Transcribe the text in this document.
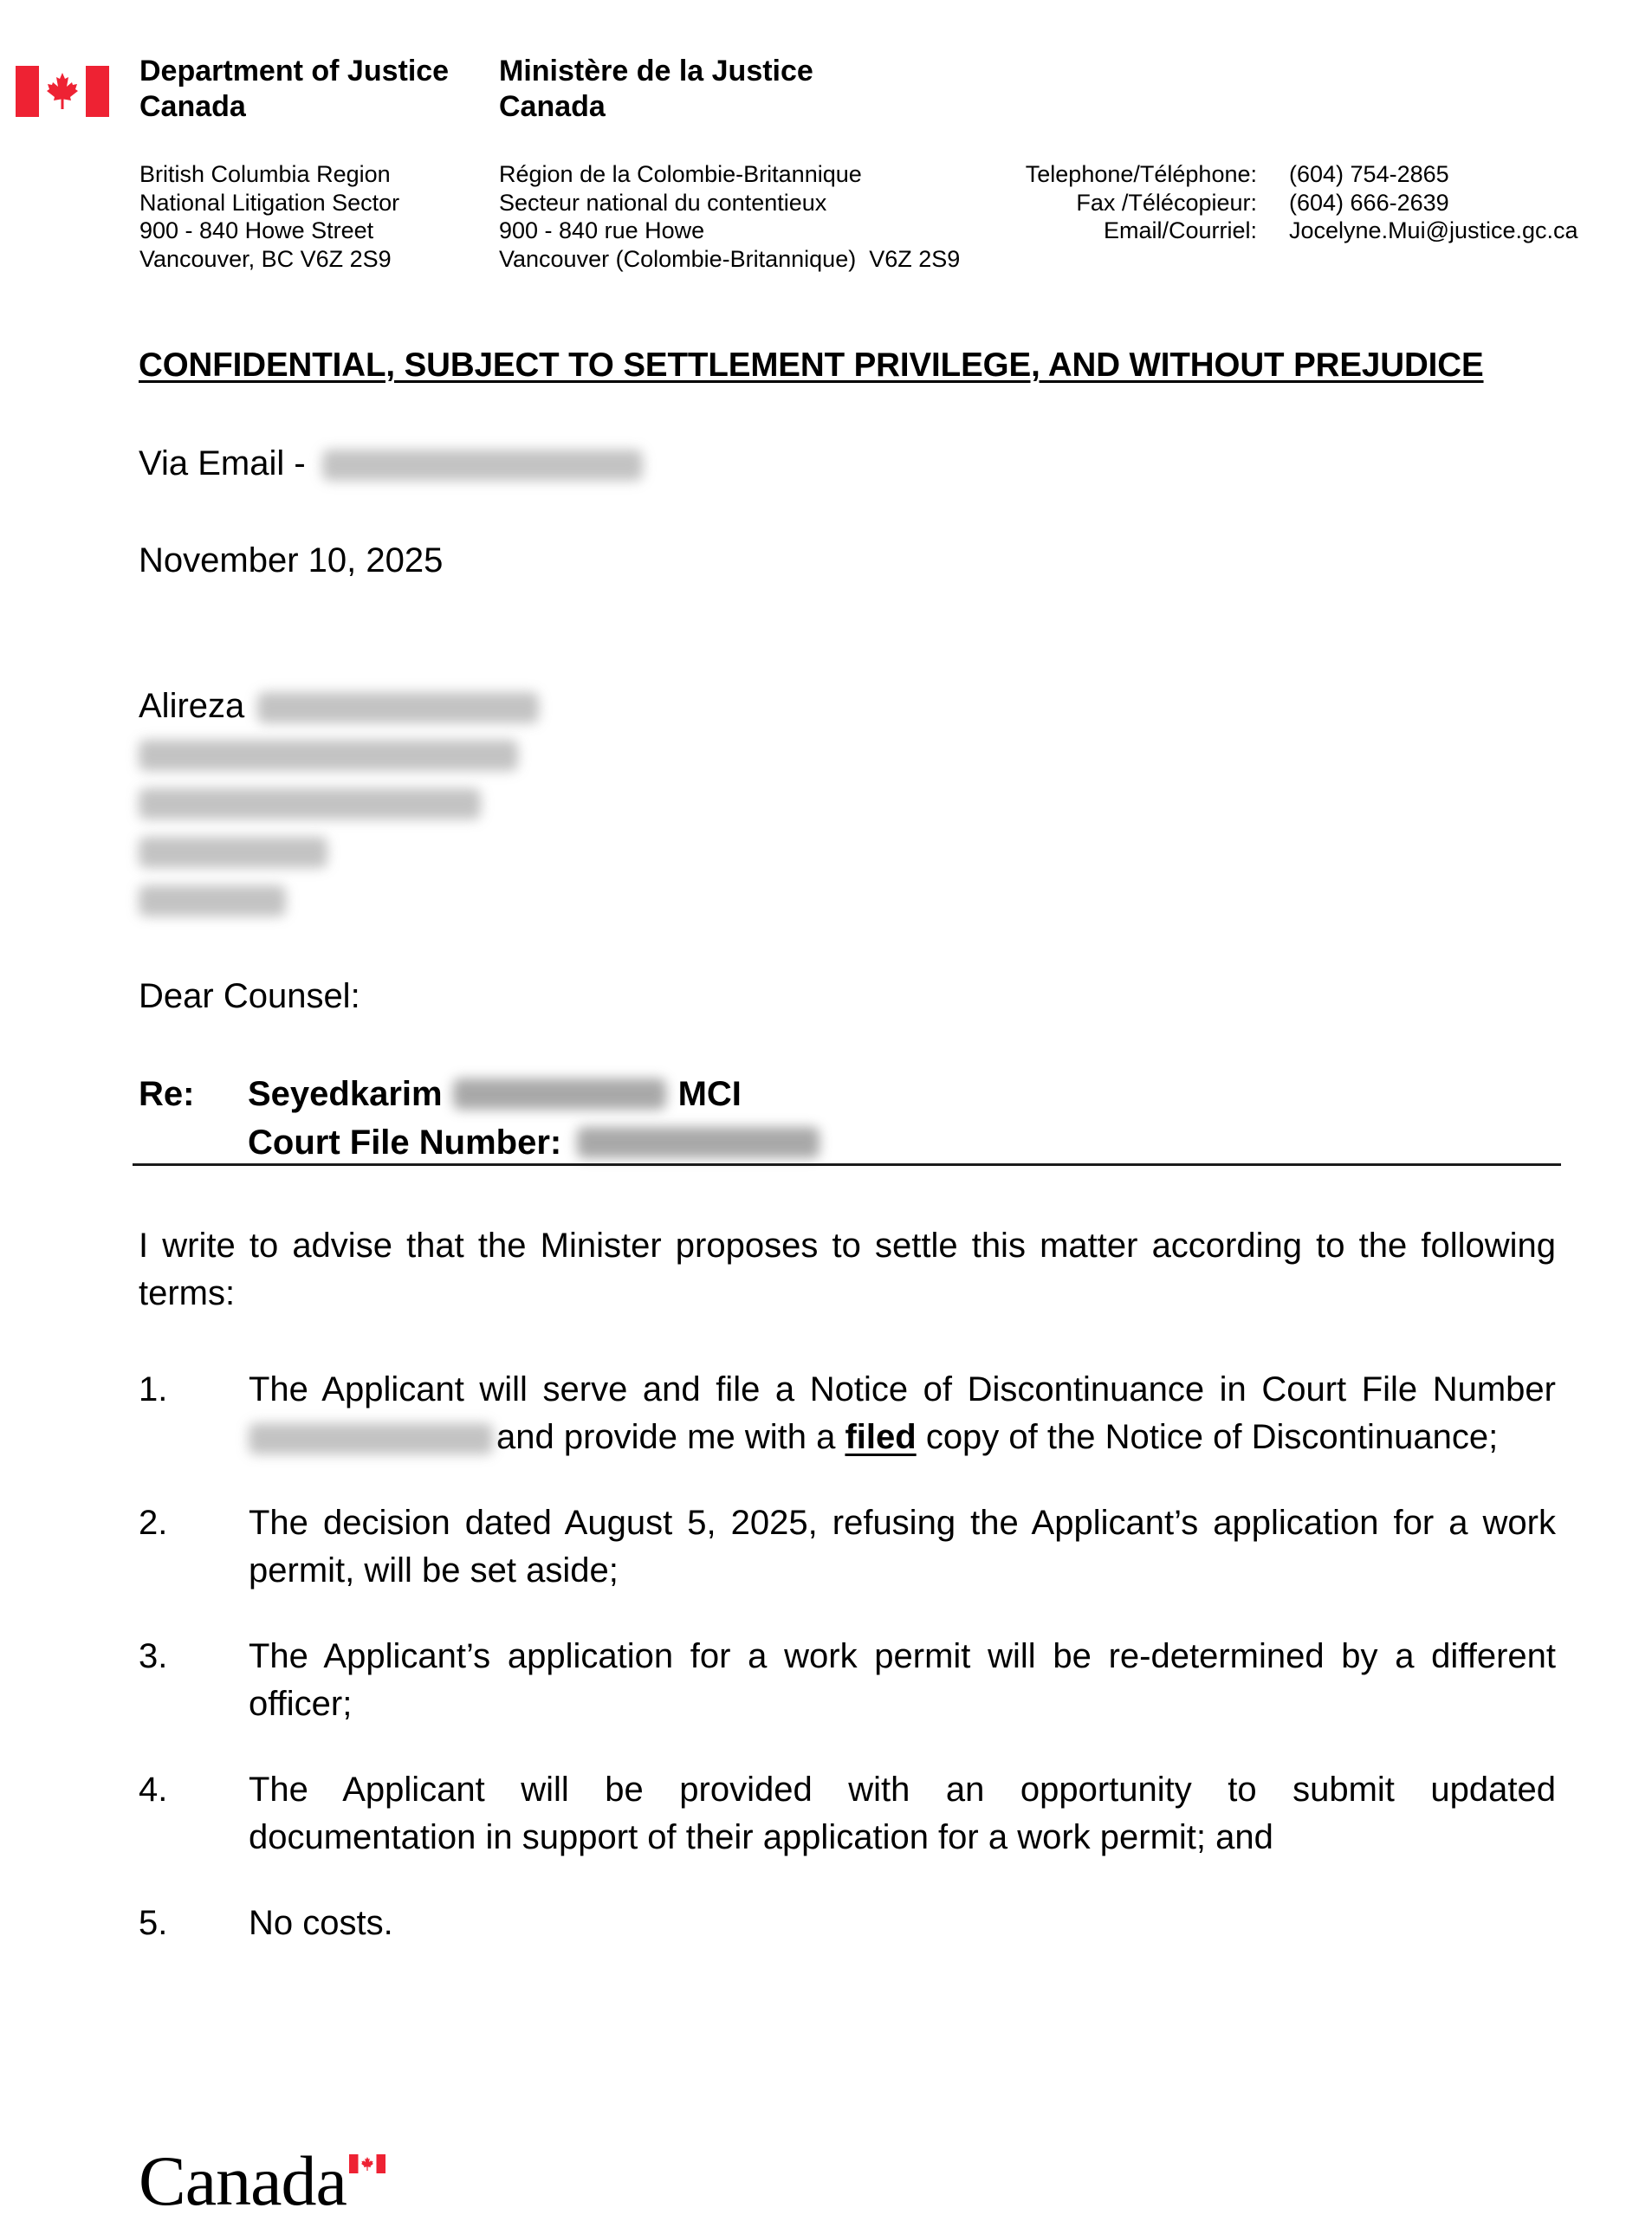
Department of Justice
Canada
Ministère de la Justice
Canada
British Columbia Region
National Litigation Sector
900 - 840 Howe Street
Vancouver, BC V6Z 2S9
Région de la Colombie-Britannique
Secteur national du contentieux
900 - 840 rue Howe
Vancouver (Colombie-Britannique)  V6Z 2S9
Telephone/Téléphone:	(604) 754-2865
Fax /Télécopieur:	(604) 666-2639
Email/Courriel:	Jocelyne.Mui@justice.gc.ca
CONFIDENTIAL, SUBJECT TO SETTLEMENT PRIVILEGE, AND WITHOUT PREJUDICE
Via Email -
November 10, 2025
Alireza
Dear Counsel:
Re:	Seyedkarim	MCI
Court File Number:
I write to advise that the Minister proposes to settle this matter according to the following terms:
1.	The Applicant will serve and file a Notice of Discontinuance in Court File Number
and provide me with a filed copy of the Notice of Discontinuance;
2.	The decision dated August 5, 2025, refusing the Applicant’s application for a work permit, will be set aside;
3.	The Applicant’s application for a work permit will be re-determined by a different officer;
4.	The Applicant will be provided with an opportunity to submit updated
documentation in support of their application for a work permit; and
5.	No costs.
Canada
